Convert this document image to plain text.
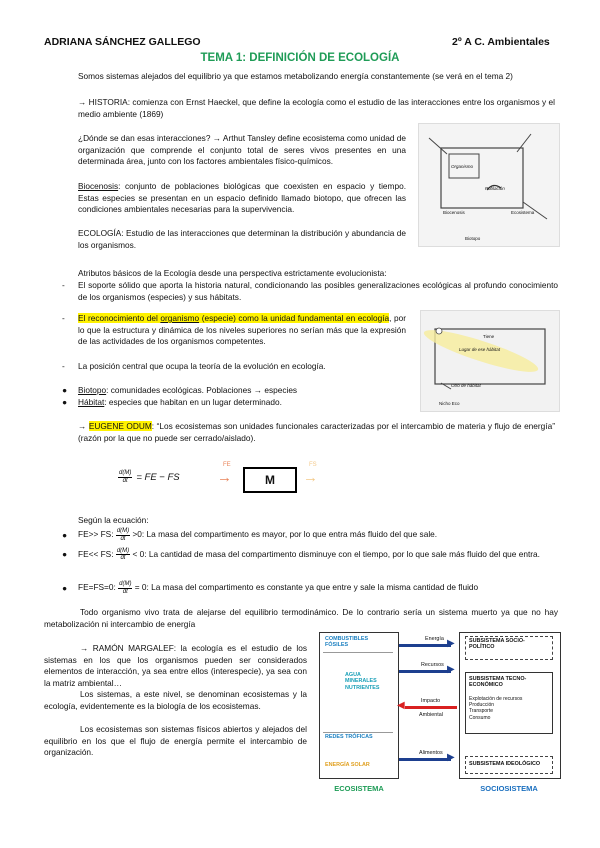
ADRIANA SÁNCHEZ GALLEGO	2º A C. Ambientales
TEMA 1: DEFINICIÓN DE ECOLOGÍA

Somos sistemas alejados del equilibrio ya que estamos metabolizando energía constantemente (se verá en el tema 2)

→ HISTORIA: comienza con Ernst Haeckel, que define la ecología como el estudio de las interacciones entre los organismos y el medio ambiente (1869)

¿Dónde se dan esas interacciones? → Arthut Tansley define ecosistema como unidad de organización que comprende el conjunto total de seres vivos presentes en una determinada área, junto con los factores ambientales físico-químicos.

Biocenosis: conjunto de poblaciones biológicas que coexisten en espacio y tiempo. Estas especies se presentan en un espacio definido llamado biotopo, que ofrecen las condiciones ambientales necesarias para la supervivencia.

ECOLOGÍA: Estudio de las interacciones que determinan la distribución y abundancia de los organismos.

Atributos básicos de la Ecología desde una perspectiva estrictamente evolucionista:

- El soporte sólido que aporta la historia natural, condicionando las posibles generalizaciones ecológicas al profundo conocimiento de los organismos (especies) y sus hábitats.

- El reconocimiento del organismo (especie) como la unidad fundamental en ecología, por lo que la estructura y dinámica de los niveles superiores no serían más que la expresión de las actividades de los organismos competentes.

- La posición central que ocupa la teoría de la evolución en ecología.

● Biotopo: comunidades ecológicas. Poblaciones → especies

● Hábitat: especies que habitan en un lugar determinado.

→ EUGENE ODUM: “Los ecosistemas son unidades funcionales caracterizadas por el intercambio de materia y flujo de energía” (razón por la que no puede ser cerrado/aislado).

$\frac{d(M)}{dt}$ = FE − FS
FE
→	M
FS
→

Según la ecuación:

● FE>> FS: $\frac{d(M)}{dt} >0$: La masa del compartimento es mayor, por lo que entra más fluido del que sale.

● FE<< FS: $\frac{d(M)}{dt} < 0$: La cantidad de masa del compartimento disminuye con el tiempo, por lo que sale más fluido del que entra.

● FE=FS=0: $\frac{d(M)}{dt} = 0$: La masa del compartimento es constante ya que entre y sale la misma cantidad de fluido

Todo organismo vivo trata de alejarse del equilibrio termodinámico. De lo contrario sería un sistema muerto ya que no hay metabolización ni intercambio de energía

→ RAMÓN MARGALEF: la ecología es el estudio de los sistemas en los que los organismos pueden ser considerados elementos de interacción, ya sea entre ellos (interespecie), ya sea con la matriz ambiental…

Los sistemas, a este nivel, se denominan ecosistemas y la ecología, evidentemente es la biología de los ecosistemas.

Los ecosistemas son sistemas físicos abiertos y alejados del equilibrio en los que el flujo de energía permite el intercambio de organización.

Organismo
Población
Biocenosis	Ecosistema
Biotopo
Tiene
Lugar de ese hábitat
Otro de hábitat
Nicho Eco
COMBUSTIBLES FÓSILES
AGUA MINERALES NUTRIENTES
REDES TRÓFICAS
ENERGÍA SOLAR
Energía ▶
Recursos ▶
Impacto
◀
Ambiental
Alimentos ▶
SUBSISTEMA SOCIO-POLÍTICO
SUBSISTEMA TECNO-ECONÓMICO
Explotación de recursos
Producción
Transporte
Consumo
SUBSISTEMA IDEOLÓGICO
ECOSISTEMA	SOCIOSISTEMA
